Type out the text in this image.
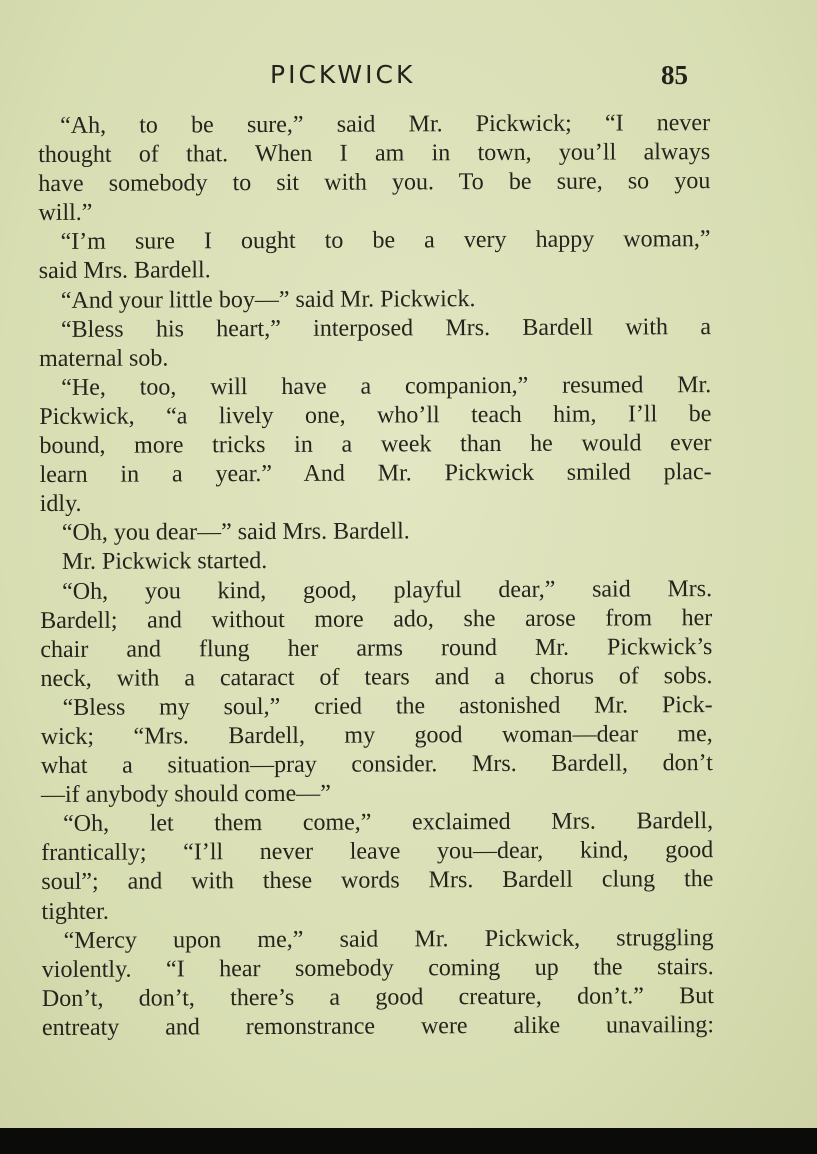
PICKWICK	85
“Ah, to be sure,” said Mr. Pickwick; “I never
thought of that. When I am in town, you’ll always
have somebody to sit with you. To be sure, so you
will.”
“I’m sure I ought to be a very happy woman,”
said Mrs. Bardell.
“And your little boy—” said Mr. Pickwick.
“Bless his heart,” interposed Mrs. Bardell with a
maternal sob.
“He, too, will have a companion,” resumed Mr.
Pickwick, “a lively one, who’ll teach him, I’ll be
bound, more tricks in a week than he would ever
learn in a year.” And Mr. Pickwick smiled plac-
idly.
“Oh, you dear—” said Mrs. Bardell.
Mr. Pickwick started.
“Oh, you kind, good, playful dear,” said Mrs.
Bardell; and without more ado, she arose from her
chair and flung her arms round Mr. Pickwick’s
neck, with a cataract of tears and a chorus of sobs.
“Bless my soul,” cried the astonished Mr. Pick-
wick; “Mrs. Bardell, my good woman—dear me,
what a situation—pray consider. Mrs. Bardell, don’t
—if anybody should come—”
“Oh, let them come,” exclaimed Mrs. Bardell,
frantically; “I’ll never leave you—dear, kind, good
soul”; and with these words Mrs. Bardell clung the
tighter.
“Mercy upon me,” said Mr. Pickwick, struggling
violently. “I hear somebody coming up the stairs.
Don’t, don’t, there’s a good creature, don’t.” But
entreaty and remonstrance were alike unavailing:
